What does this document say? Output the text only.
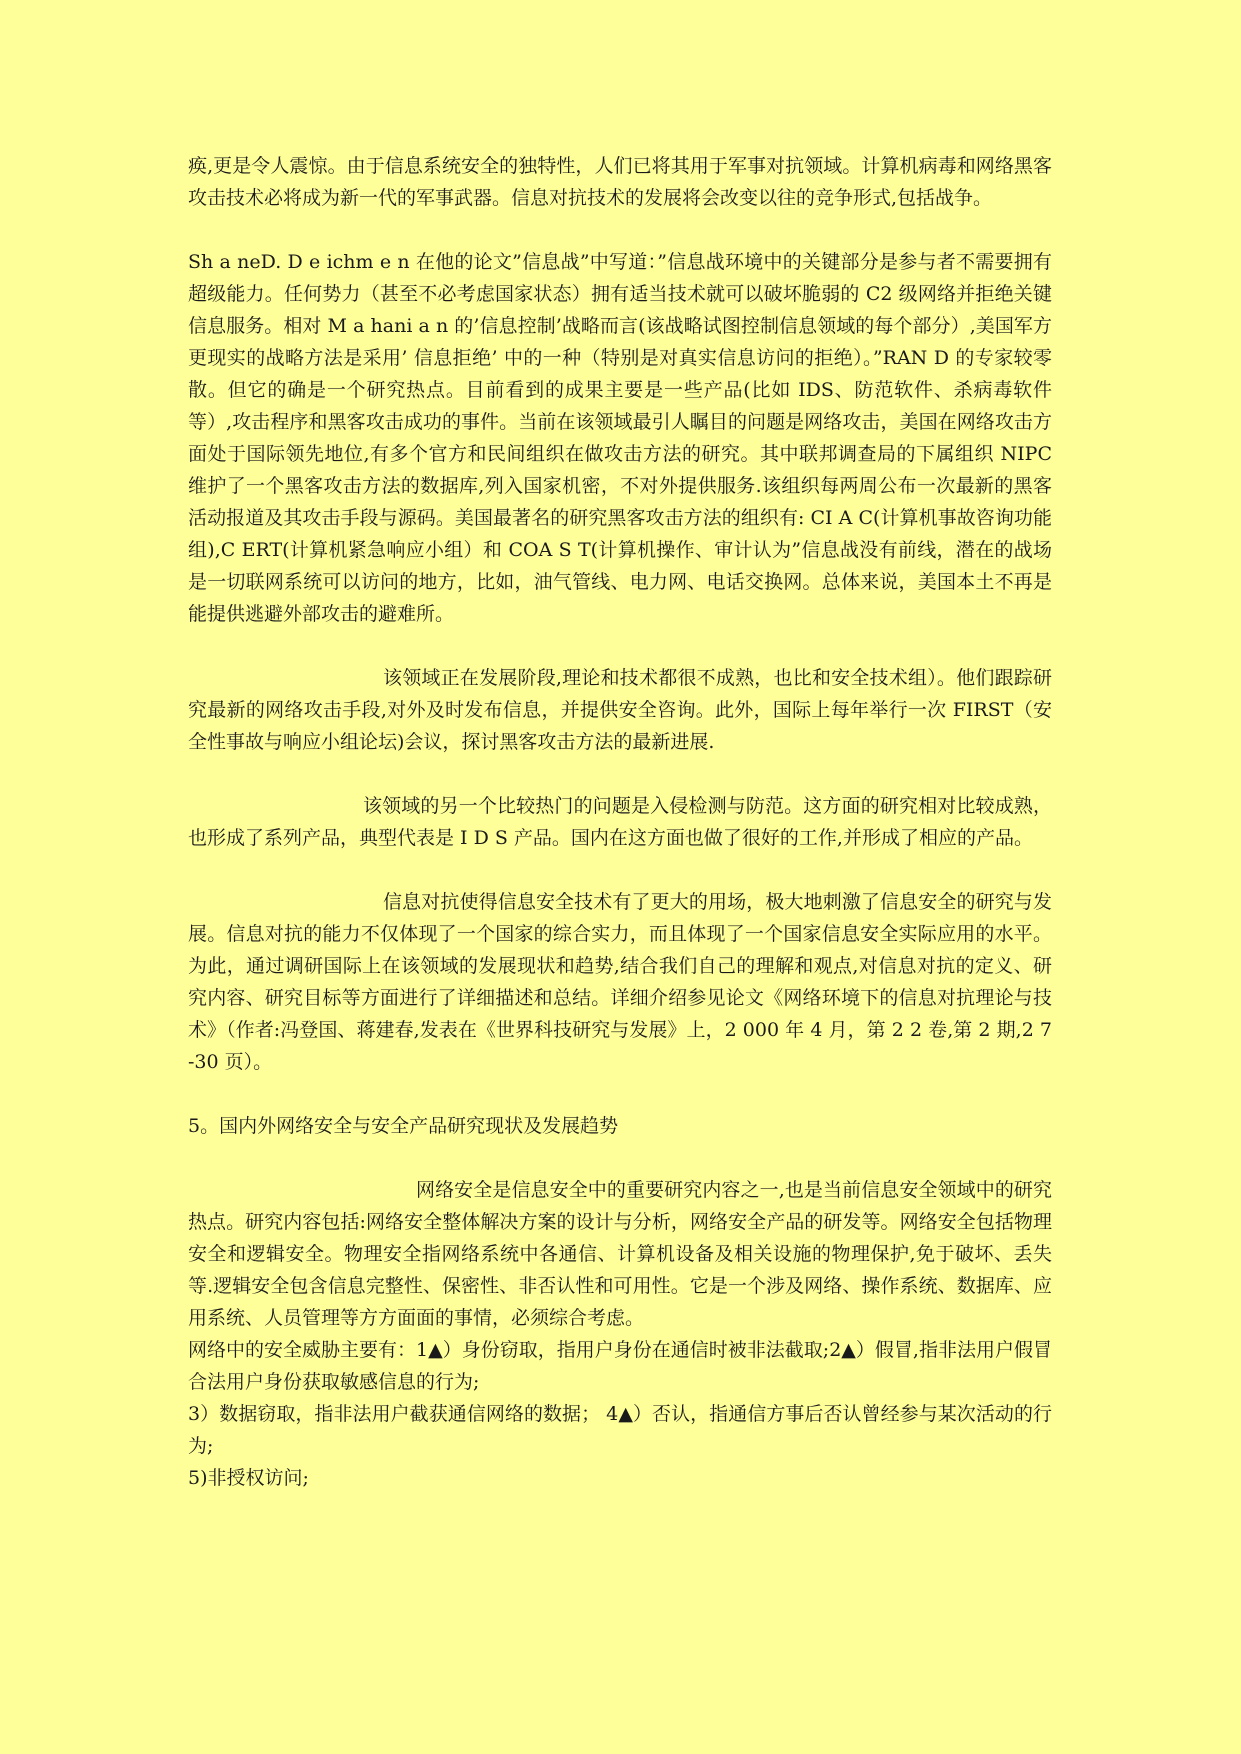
痪,更是令人震惊。由于信息系统安全的独特性，人们已将其用于军事对抗领域。计算机病毒和网络黑客攻击技术必将成为新一代的军事武器。信息对抗技术的发展将会改变以往的竞争形式,包括战争。

Sh a neD. D e ichm e n 在他的论文”信息战”中写道：”信息战环境中的关键部分是参与者不需要拥有超级能力。任何势力（甚至不必考虑国家状态）拥有适当技术就可以破坏脆弱的 C2 级网络并拒绝关键信息服务。相对 M a hani a n 的’信息控制’战略而言(该战略试图控制信息领域的每个部分）,美国军方更现实的战略方法是采用’ 信息拒绝’ 中的一种（特别是对真实信息访问的拒绝）。”RAN D 的专家较零散。但它的确是一个研究热点。目前看到的成果主要是一些产品(比如 IDS、防范软件、杀病毒软件等）,攻击程序和黑客攻击成功的事件。当前在该领域最引人瞩目的问题是网络攻击，美国在网络攻击方面处于国际领先地位,有多个官方和民间组织在做攻击方法的研究。其中联邦调查局的下属组织 NIPC 维护了一个黑客攻击方法的数据库,列入国家机密，不对外提供服务.该组织每两周公布一次最新的黑客活动报道及其攻击手段与源码。美国最著名的研究黑客攻击方法的组织有: CI A C(计算机事故咨询功能组),C ERT(计算机紧急响应小组）和 COA S T(计算机操作、审计认为”信息战没有前线，潜在的战场是一切联网系统可以访问的地方，比如，油气管线、电力网、电话交换网。总体来说，美国本土不再是能提供逃避外部攻击的避难所。

该领域正在发展阶段,理论和技术都很不成熟，也比和安全技术组）。他们跟踪研究最新的网络攻击手段,对外及时发布信息，并提供安全咨询。此外，国际上每年举行一次 FIRST（安全性事故与响应小组论坛)会议，探讨黑客攻击方法的最新进展.

该领域的另一个比较热门的问题是入侵检测与防范。这方面的研究相对比较成熟，也形成了系列产品，典型代表是 I D S 产品。国内在这方面也做了很好的工作,并形成了相应的产品。

信息对抗使得信息安全技术有了更大的用场，极大地刺激了信息安全的研究与发展。信息对抗的能力不仅体现了一个国家的综合实力，而且体现了一个国家信息安全实际应用的水平。为此，通过调研国际上在该领域的发展现状和趋势,结合我们自己的理解和观点,对信息对抗的定义、研究内容、研究目标等方面进行了详细描述和总结。详细介绍参见论文《网络环境下的信息对抗理论与技术》（作者:冯登国、蒋建春,发表在《世界科技研究与发展》上，2 000 年 4 月，第 2 2 卷,第 2 期,2 7 -30 页）。

5。国内外网络安全与安全产品研究现状及发展趋势

网络安全是信息安全中的重要研究内容之一,也是当前信息安全领域中的研究热点。研究内容包括:网络安全整体解决方案的设计与分析，网络安全产品的研发等。网络安全包括物理安全和逻辑安全。物理安全指网络系统中各通信、计算机设备及相关设施的物理保护,免于破坏、丢失等.逻辑安全包含信息完整性、保密性、非否认性和可用性。它是一个涉及网络、操作系统、数据库、应用系统、人员管理等方方面面的事情，必须综合考虑。

网络中的安全威胁主要有：1▲）身份窃取，指用户身份在通信时被非法截取;2▲）假冒,指非法用户假冒合法用户身份获取敏感信息的行为;

3）数据窃取，指非法用户截获通信网络的数据； 4▲）否认，指通信方事后否认曾经参与某次活动的行为;

5)非授权访问;
